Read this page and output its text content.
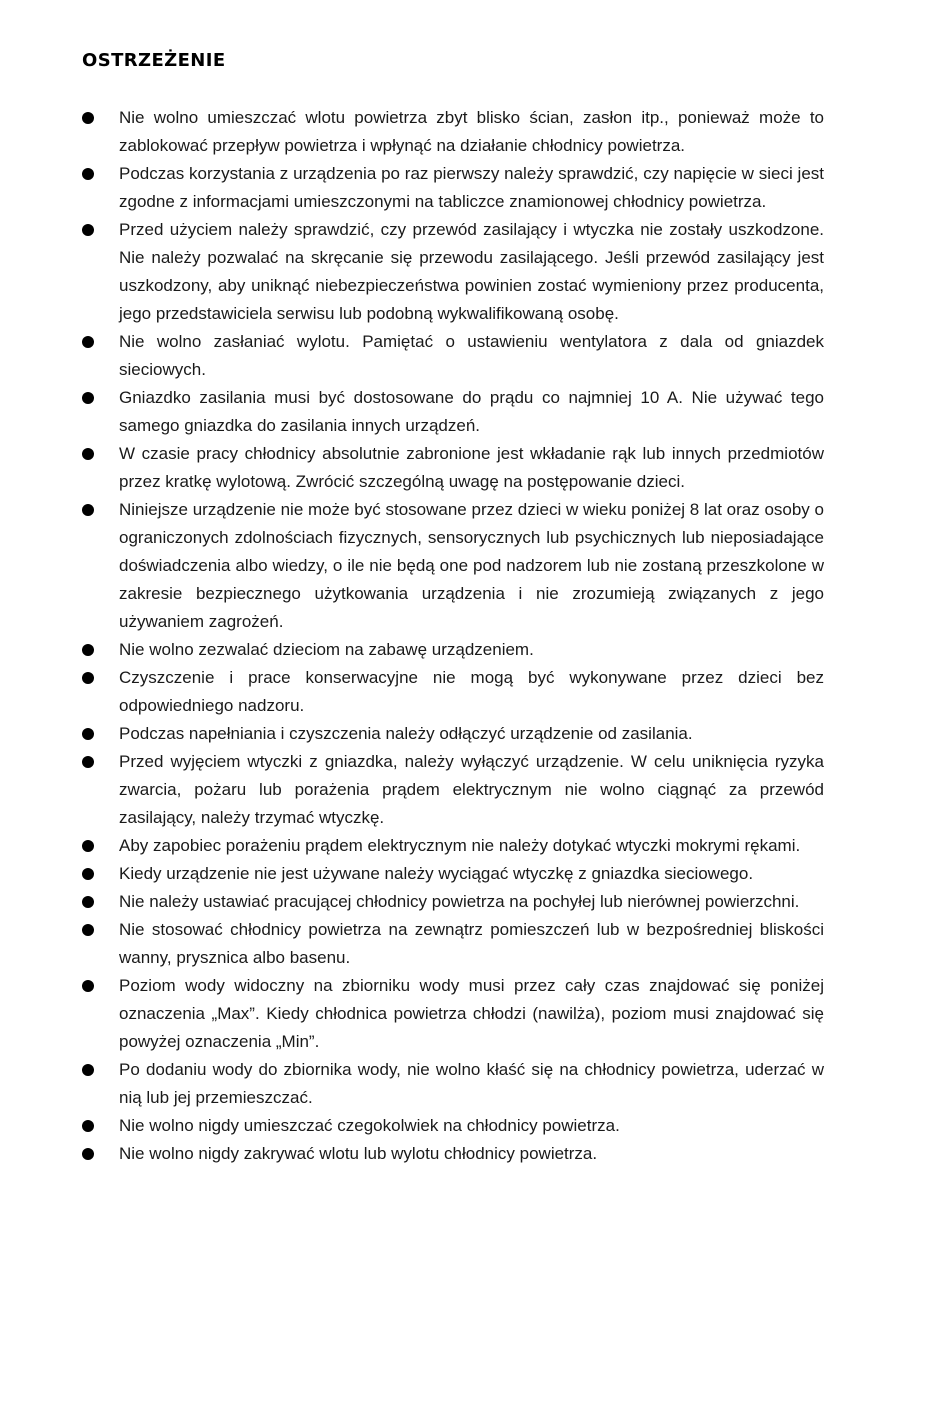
OSTRZEŻENIE
Nie wolno umieszczać wlotu powietrza zbyt blisko ścian, zasłon itp., ponieważ może to zablokować przepływ powietrza i wpłynąć na działanie chłodnicy powietrza.
Podczas korzystania z urządzenia po raz pierwszy należy sprawdzić, czy napięcie w sieci jest zgodne z informacjami umieszczonymi na tabliczce znamionowej chłodnicy powietrza.
Przed użyciem należy sprawdzić, czy przewód zasilający i wtyczka nie zostały uszkodzone. Nie należy pozwalać na skręcanie się przewodu zasilającego. Jeśli przewód zasilający jest uszkodzony, aby uniknąć niebezpieczeństwa powinien zostać wymieniony przez producenta, jego przedstawiciela serwisu lub podobną wykwalifikowaną osobę.
Nie wolno zasłaniać wylotu. Pamiętać o ustawieniu wentylatora z dala od gniazdek sieciowych.
Gniazdko zasilania musi być dostosowane do prądu co najmniej 10 A. Nie używać tego samego gniazdka do zasilania innych urządzeń.
W czasie pracy chłodnicy absolutnie zabronione jest wkładanie rąk lub innych przedmiotów przez kratkę wylotową. Zwrócić szczególną uwagę na postępowanie dzieci.
Niniejsze urządzenie nie może być stosowane przez dzieci w wieku poniżej 8 lat oraz osoby o ograniczonych zdolnościach fizycznych, sensorycznych lub psychicznych lub nieposiadające doświadczenia albo wiedzy, o ile nie będą one pod nadzorem lub nie zostaną przeszkolone w zakresie bezpiecznego użytkowania urządzenia i nie zrozumieją związanych z jego używaniem zagrożeń.
Nie wolno zezwalać dzieciom na zabawę urządzeniem.
Czyszczenie i prace konserwacyjne nie mogą być wykonywane przez dzieci bez odpowiedniego nadzoru.
Podczas napełniania i czyszczenia należy odłączyć urządzenie od zasilania.
Przed wyjęciem wtyczki z gniazdka, należy wyłączyć urządzenie. W celu uniknięcia ryzyka zwarcia, pożaru lub porażenia prądem elektrycznym nie wolno ciągnąć za przewód zasilający, należy trzymać wtyczkę.
Aby zapobiec porażeniu prądem elektrycznym nie należy dotykać wtyczki mokrymi rękami.
Kiedy urządzenie nie jest używane należy wyciągać wtyczkę z gniazdka sieciowego.
Nie należy ustawiać pracującej chłodnicy powietrza na pochyłej lub nierównej powierzchni.
Nie stosować chłodnicy powietrza na zewnątrz pomieszczeń lub w bezpośredniej bliskości wanny, prysznica albo basenu.
Poziom wody widoczny na zbiorniku wody musi przez cały czas znajdować się poniżej oznaczenia „Max”. Kiedy chłodnica powietrza chłodzi (nawilża), poziom musi znajdować się powyżej oznaczenia „Min”.
Po dodaniu wody do zbiornika wody, nie wolno kłaść się na chłodnicy powietrza, uderzać w nią lub jej przemieszczać.
Nie wolno nigdy umieszczać czegokolwiek na chłodnicy powietrza.
Nie wolno nigdy zakrywać wlotu lub wylotu chłodnicy powietrza.
